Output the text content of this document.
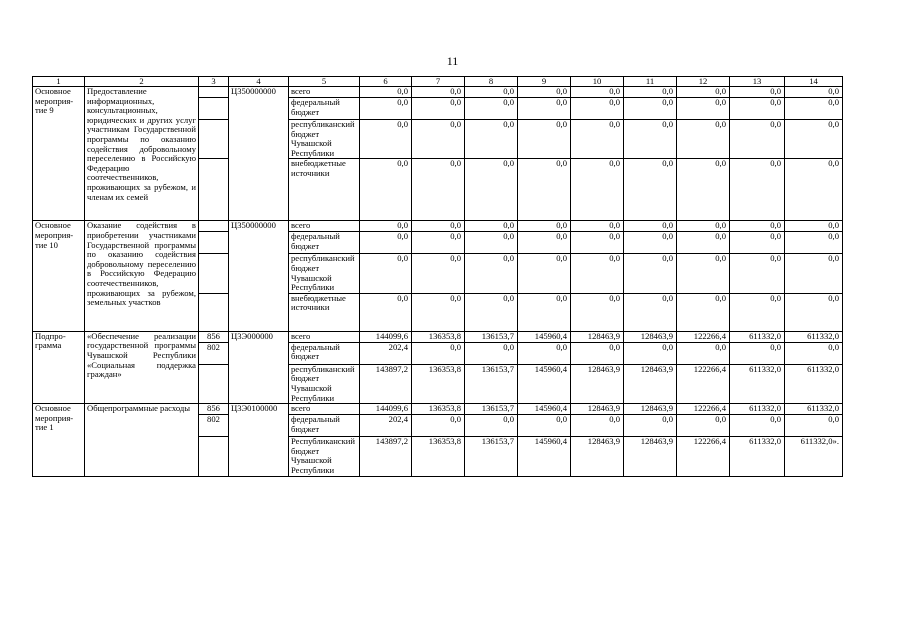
11
1	2	3	4	5	6	7	8	9	10	11	12	13	14
Основное мероприя-тие 9	Предоставление информационных, консультационных, юридических и других услуг участникам Государственной программы по оказанию содействия добровольному переселению в Российскую Федерацию соотечественников, проживающих за рубежом, и членам их семей		Ц350000000	всего	0,0	0,0	0,0	0,0	0,0	0,0	0,0	0,0	0,0
				федеральный бюджет	0,0	0,0	0,0	0,0	0,0	0,0	0,0	0,0	0,0
				республиканский бюджет Чувашской Республики	0,0	0,0	0,0	0,0	0,0	0,0	0,0	0,0	0,0
				внебюджетные источники	0,0	0,0	0,0	0,0	0,0	0,0	0,0	0,0	0,0
Основное мероприя-тие 10	Оказание содействия в приобретении участниками Государственной программы по оказанию содействия добровольному переселению в Российскую Федерацию соотечественников, проживающих за рубежом, земельных участков		Ц350000000	всего	0,0	0,0	0,0	0,0	0,0	0,0	0,0	0,0	0,0
				федеральный бюджет	0,0	0,0	0,0	0,0	0,0	0,0	0,0	0,0	0,0
				республиканский бюджет Чувашской Республики	0,0	0,0	0,0	0,0	0,0	0,0	0,0	0,0	0,0
				внебюджетные источники	0,0	0,0	0,0	0,0	0,0	0,0	0,0	0,0	0,0
Подпро-грамма	«Обеспечение реализации государственной программы Чувашской Республики «Социальная поддержка граждан»	856	Ц3Э000000	всего	144099,6	136353,8	136153,7	145960,4	128463,9	128463,9	122266,4	611332,0	611332,0
		802		федеральный бюджет	202,4	0,0	0,0	0,0	0,0	0,0	0,0	0,0	0,0
				республиканский бюджет Чувашской Республики	143897,2	136353,8	136153,7	145960,4	128463,9	128463,9	122266,4	611332,0	611332,0
Основное мероприя-тие 1	Общепрограммные расходы	856	Ц3Э0100000	всего	144099,6	136353,8	136153,7	145960,4	128463,9	128463,9	122266,4	611332,0	611332,0
		802		федеральный бюджет	202,4	0,0	0,0	0,0	0,0	0,0	0,0	0,0	0,0
				Республиканский бюджет Чувашской Республики	143897,2	136353,8	136153,7	145960,4	128463,9	128463,9	122266,4	611332,0	611332,0».
